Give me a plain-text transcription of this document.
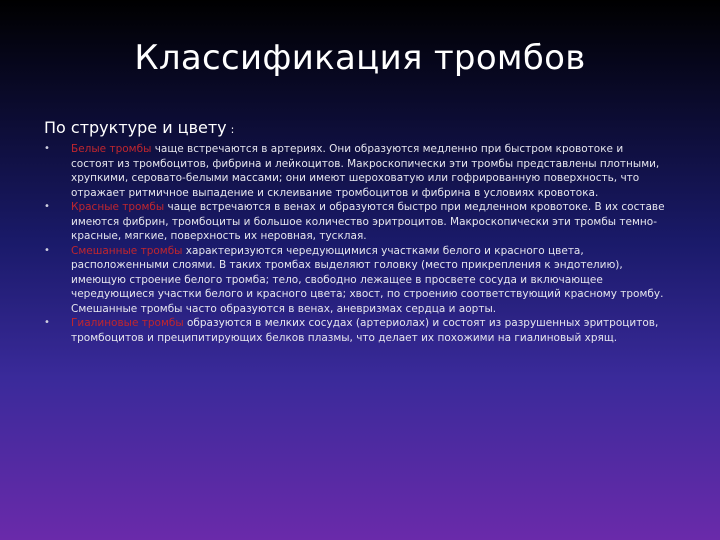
Классификация тромбов
По структуре и цвету :
• Белые тромбы чаще встречаются в артериях. Они образуются медленно при быстром кровотоке и состоят из тромбоцитов, фибрина и лейкоцитов. Макроскопически эти тромбы представлены плотными, хрупкими, серовато-белыми массами; они имеют шероховатую или гофрированную поверхность, что отражает ритмичное выпадение и склеивание тромбоцитов и фибрина в условиях кровотока.
• Красные тромбы чаще встречаются в венах и образуются быстро при медленном кровотоке. В их составе имеются фибрин, тромбоциты и большое количество эритроцитов. Макроскопически эти тромбы темно-красные, мягкие, поверхность их неровная, тусклая.
• Смешанные тромбы характеризуются чередующимися участками белого и красного цвета, расположенными слоями. В таких тромбах выделяют головку (место прикрепления к эндотелию), имеющую строение белого тромба; тело, свободно лежащее в просвете сосуда и включающее чередующиеся участки белого и красного цвета; хвост, по строению соответствующий красному тромбу. Смешанные тромбы часто образуются в венах, аневризмах сердца и аорты.
• Гиалиновые тромбы образуются в мелких сосудах (артериолах) и состоят из разрушенных эритроцитов, тромбоцитов и преципитирующих белков плазмы, что делает их похожими на гиалиновый хрящ.
